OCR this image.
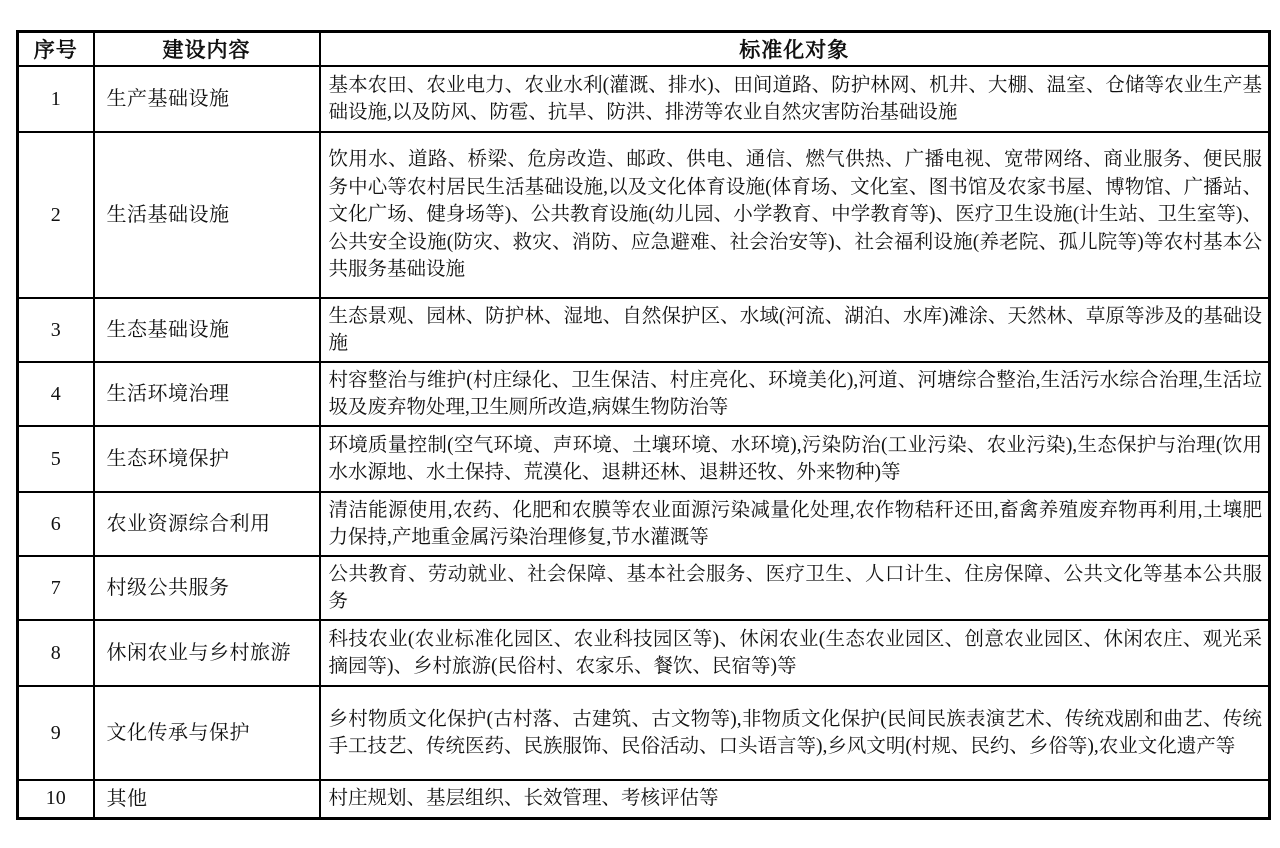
序号	建设内容	标准化对象
1	生产基础设施	基本农田、农业电力、农业水利(灌溉、排水)、田间道路、防护林网、机井、大棚、温室、仓储等农业生产基础设施,以及防风、防雹、抗旱、防洪、排涝等农业自然灾害防治基础设施
2	生活基础设施	饮用水、道路、桥梁、危房改造、邮政、供电、通信、燃气供热、广播电视、宽带网络、商业服务、便民服务中心等农村居民生活基础设施,以及文化体育设施(体育场、文化室、图书馆及农家书屋、博物馆、广播站、文化广场、健身场等)、公共教育设施(幼儿园、小学教育、中学教育等)、医疗卫生设施(计生站、卫生室等)、公共安全设施(防灾、救灾、消防、应急避难、社会治安等)、社会福利设施(养老院、孤儿院等)等农村基本公共服务基础设施
3	生态基础设施	生态景观、园林、防护林、湿地、自然保护区、水域(河流、湖泊、水库)滩涂、天然林、草原等涉及的基础设施
4	生活环境治理	村容整治与维护(村庄绿化、卫生保洁、村庄亮化、环境美化),河道、河塘综合整治,生活污水综合治理,生活垃圾及废弃物处理,卫生厕所改造,病媒生物防治等
5	生态环境保护	环境质量控制(空气环境、声环境、土壤环境、水环境),污染防治(工业污染、农业污染),生态保护与治理(饮用水水源地、水土保持、荒漠化、退耕还林、退耕还牧、外来物种)等
6	农业资源综合利用	清洁能源使用,农药、化肥和农膜等农业面源污染减量化处理,农作物秸秆还田,畜禽养殖废弃物再利用,土壤肥力保持,产地重金属污染治理修复,节水灌溉等
7	村级公共服务	公共教育、劳动就业、社会保障、基本社会服务、医疗卫生、人口计生、住房保障、公共文化等基本公共服务
8	休闲农业与乡村旅游	科技农业(农业标准化园区、农业科技园区等)、休闲农业(生态农业园区、创意农业园区、休闲农庄、观光采摘园等)、乡村旅游(民俗村、农家乐、餐饮、民宿等)等
9	文化传承与保护	乡村物质文化保护(古村落、古建筑、古文物等),非物质文化保护(民间民族表演艺术、传统戏剧和曲艺、传统手工技艺、传统医药、民族服饰、民俗活动、口头语言等),乡风文明(村规、民约、乡俗等),农业文化遗产等
10	其他	村庄规划、基层组织、长效管理、考核评估等
